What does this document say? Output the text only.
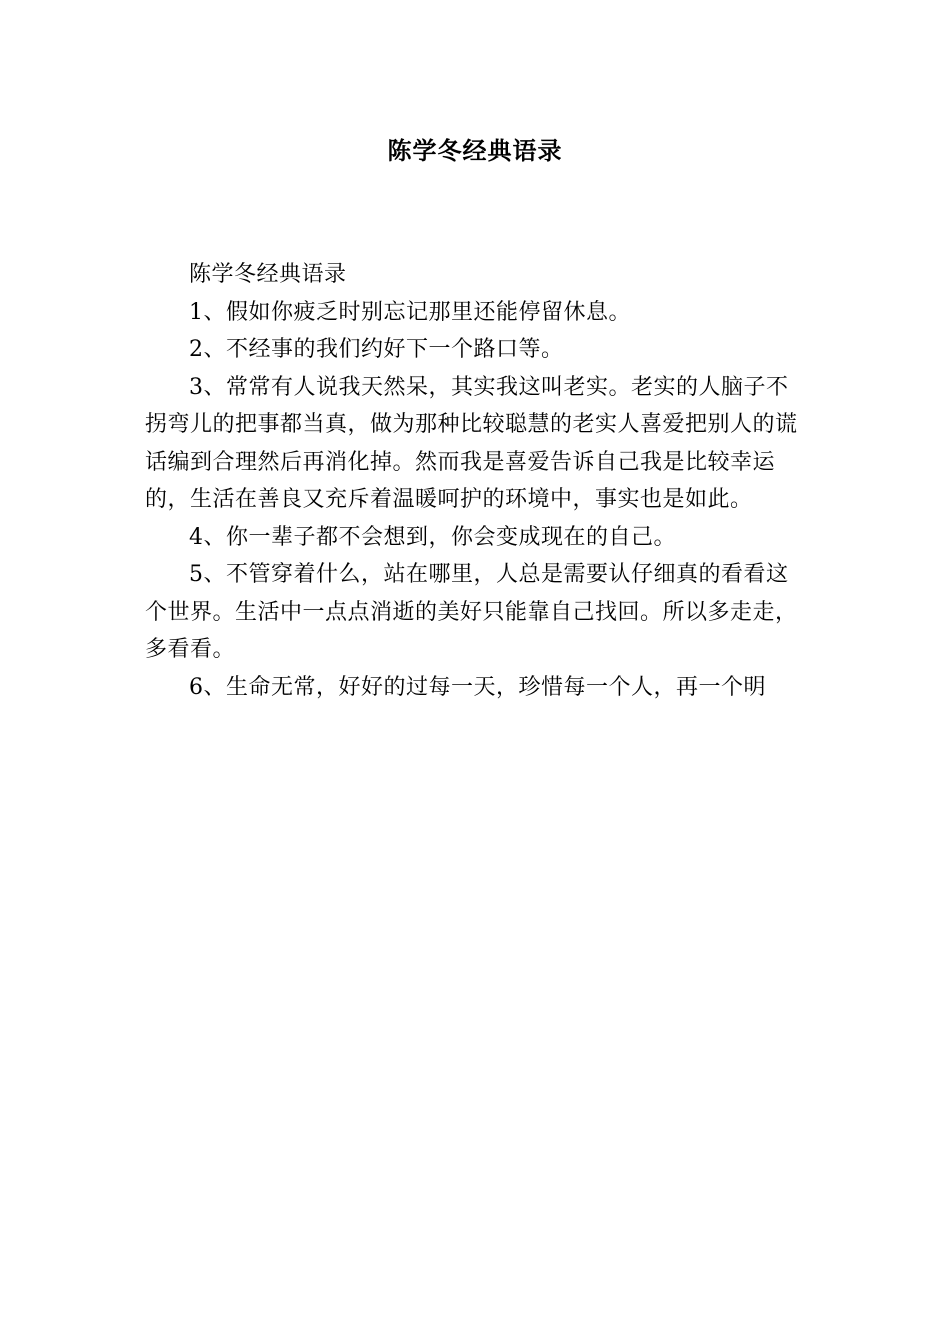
陈学冬经典语录

陈学冬经典语录

1、假如你疲乏时别忘记那里还能停留休息。

2、不经事的我们约好下一个路口等。

3、常常有人说我天然呆，其实我这叫老实。老实的人脑子不拐弯儿的把事都当真，做为那种比较聪慧的老实人喜爱把别人的谎话编到合理然后再消化掉。然而我是喜爱告诉自己我是比较幸运的，生活在善良又充斥着温暖呵护的环境中，事实也是如此。

4、你一辈子都不会想到，你会变成现在的自己。

5、不管穿着什么，站在哪里，人总是需要认仔细真的看看这个世界。生活中一点点消逝的美好只能靠自己找回。所以多走走，多看看。

6、生命无常，好好的过每一天，珍惜每一个人，再一个明
